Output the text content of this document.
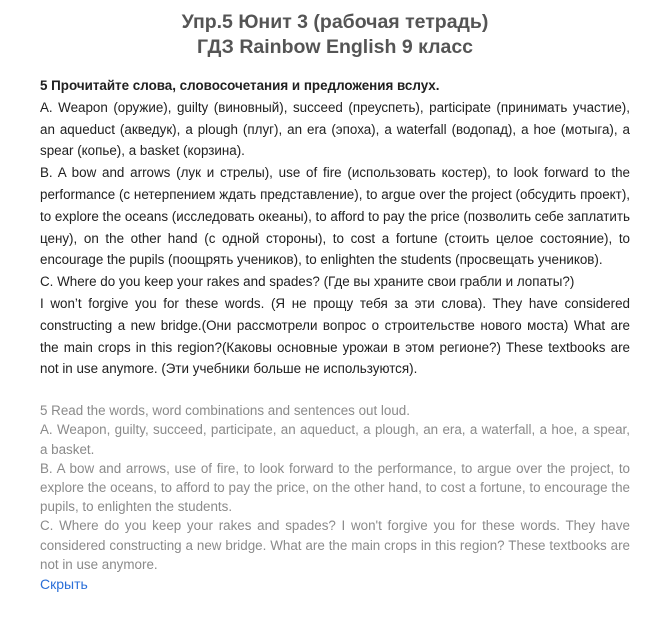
Упр.5 Юнит 3 (рабочая тетрадь)
ГДЗ Rainbow English 9 класс

5 Прочитайте слова, словосочетания и предложения вслух.

A. Weapon (оружие), guilty (виновный), succeed (преуспеть), participate (принимать участие), an aqueduct (акведук), a plough (плуг), an era (эпоха), a waterfall (водопад), a hoe (мотыга), a spear (копье), a basket (корзина).

B. A bow and arrows (лук и стрелы), use of fire (использовать костер), to look forward to the performance (с нетерпением ждать представление), to argue over the project (обсудить проект), to explore the oceans (исследовать океаны), to afford to pay the price (позволить себе заплатить цену), on the other hand (с одной стороны), to cost a fortune (стоить целое состояние), to encourage the pupils (поощрять учеников), to enlighten the students (просвещать учеников).

C. Where do you keep your rakes and spades? (Где вы храните свои грабли и лопаты?)

I won’t forgive you for these words. (Я не прощу тебя за эти слова). They have considered constructing a new bridge.(Они рассмотрели вопрос о строительстве нового моста) What are the main crops in this region?(Каковы основные урожаи в этом регионе?) These textbooks are not in use anymore. (Эти учебники больше не используются).

5 Read the words, word combinations and sentences out loud.

A. Weapon, guilty, succeed, participate, an aqueduct, a plough, an era, a waterfall, a hoe, a spear, a basket.

B. A bow and arrows, use of fire, to look forward to the performance, to argue over the project, to explore the oceans, to afford to pay the price, on the other hand, to cost a fortune, to encourage the pupils, to enlighten the students.

C. Where do you keep your rakes and spades? I won't forgive you for these words. They have considered constructing a new bridge. What are the main crops in this region? These textbooks are not in use anymore.

Скрыть
